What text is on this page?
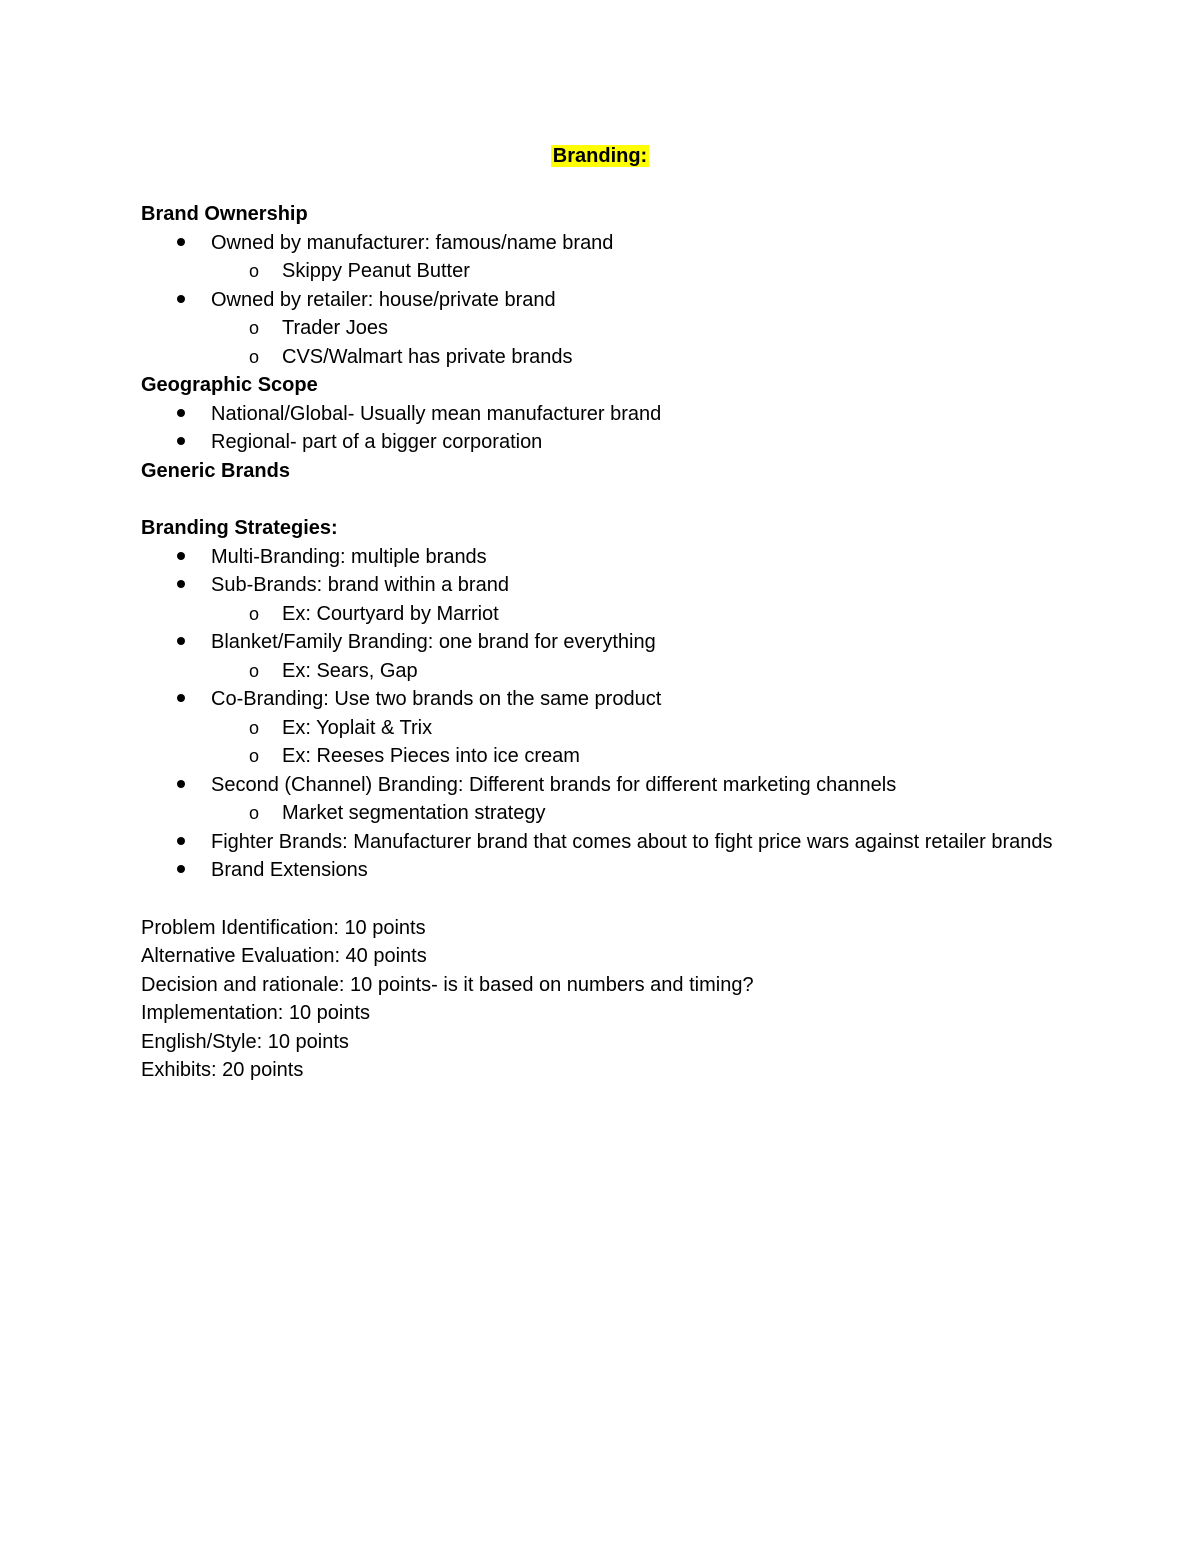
Branding:
Brand Ownership
Owned by manufacturer: famous/name brand
o Skippy Peanut Butter
Owned by retailer: house/private brand
o Trader Joes
o CVS/Walmart has private brands
Geographic Scope
National/Global- Usually mean manufacturer brand
Regional- part of a bigger corporation
Generic Brands
Branding Strategies:
Multi-Branding: multiple brands
Sub-Brands: brand within a brand
o Ex: Courtyard by Marriot
Blanket/Family Branding: one brand for everything
o Ex: Sears, Gap
Co-Branding: Use two brands on the same product
o Ex: Yoplait & Trix
o Ex: Reeses Pieces into ice cream
Second (Channel) Branding: Different brands for different marketing channels
o Market segmentation strategy
Fighter Brands: Manufacturer brand that comes about to fight price wars against retailer brands
Brand Extensions
Problem Identification: 10 points
Alternative Evaluation: 40 points
Decision and rationale: 10 points- is it based on numbers and timing?
Implementation: 10 points
English/Style: 10 points
Exhibits: 20 points
